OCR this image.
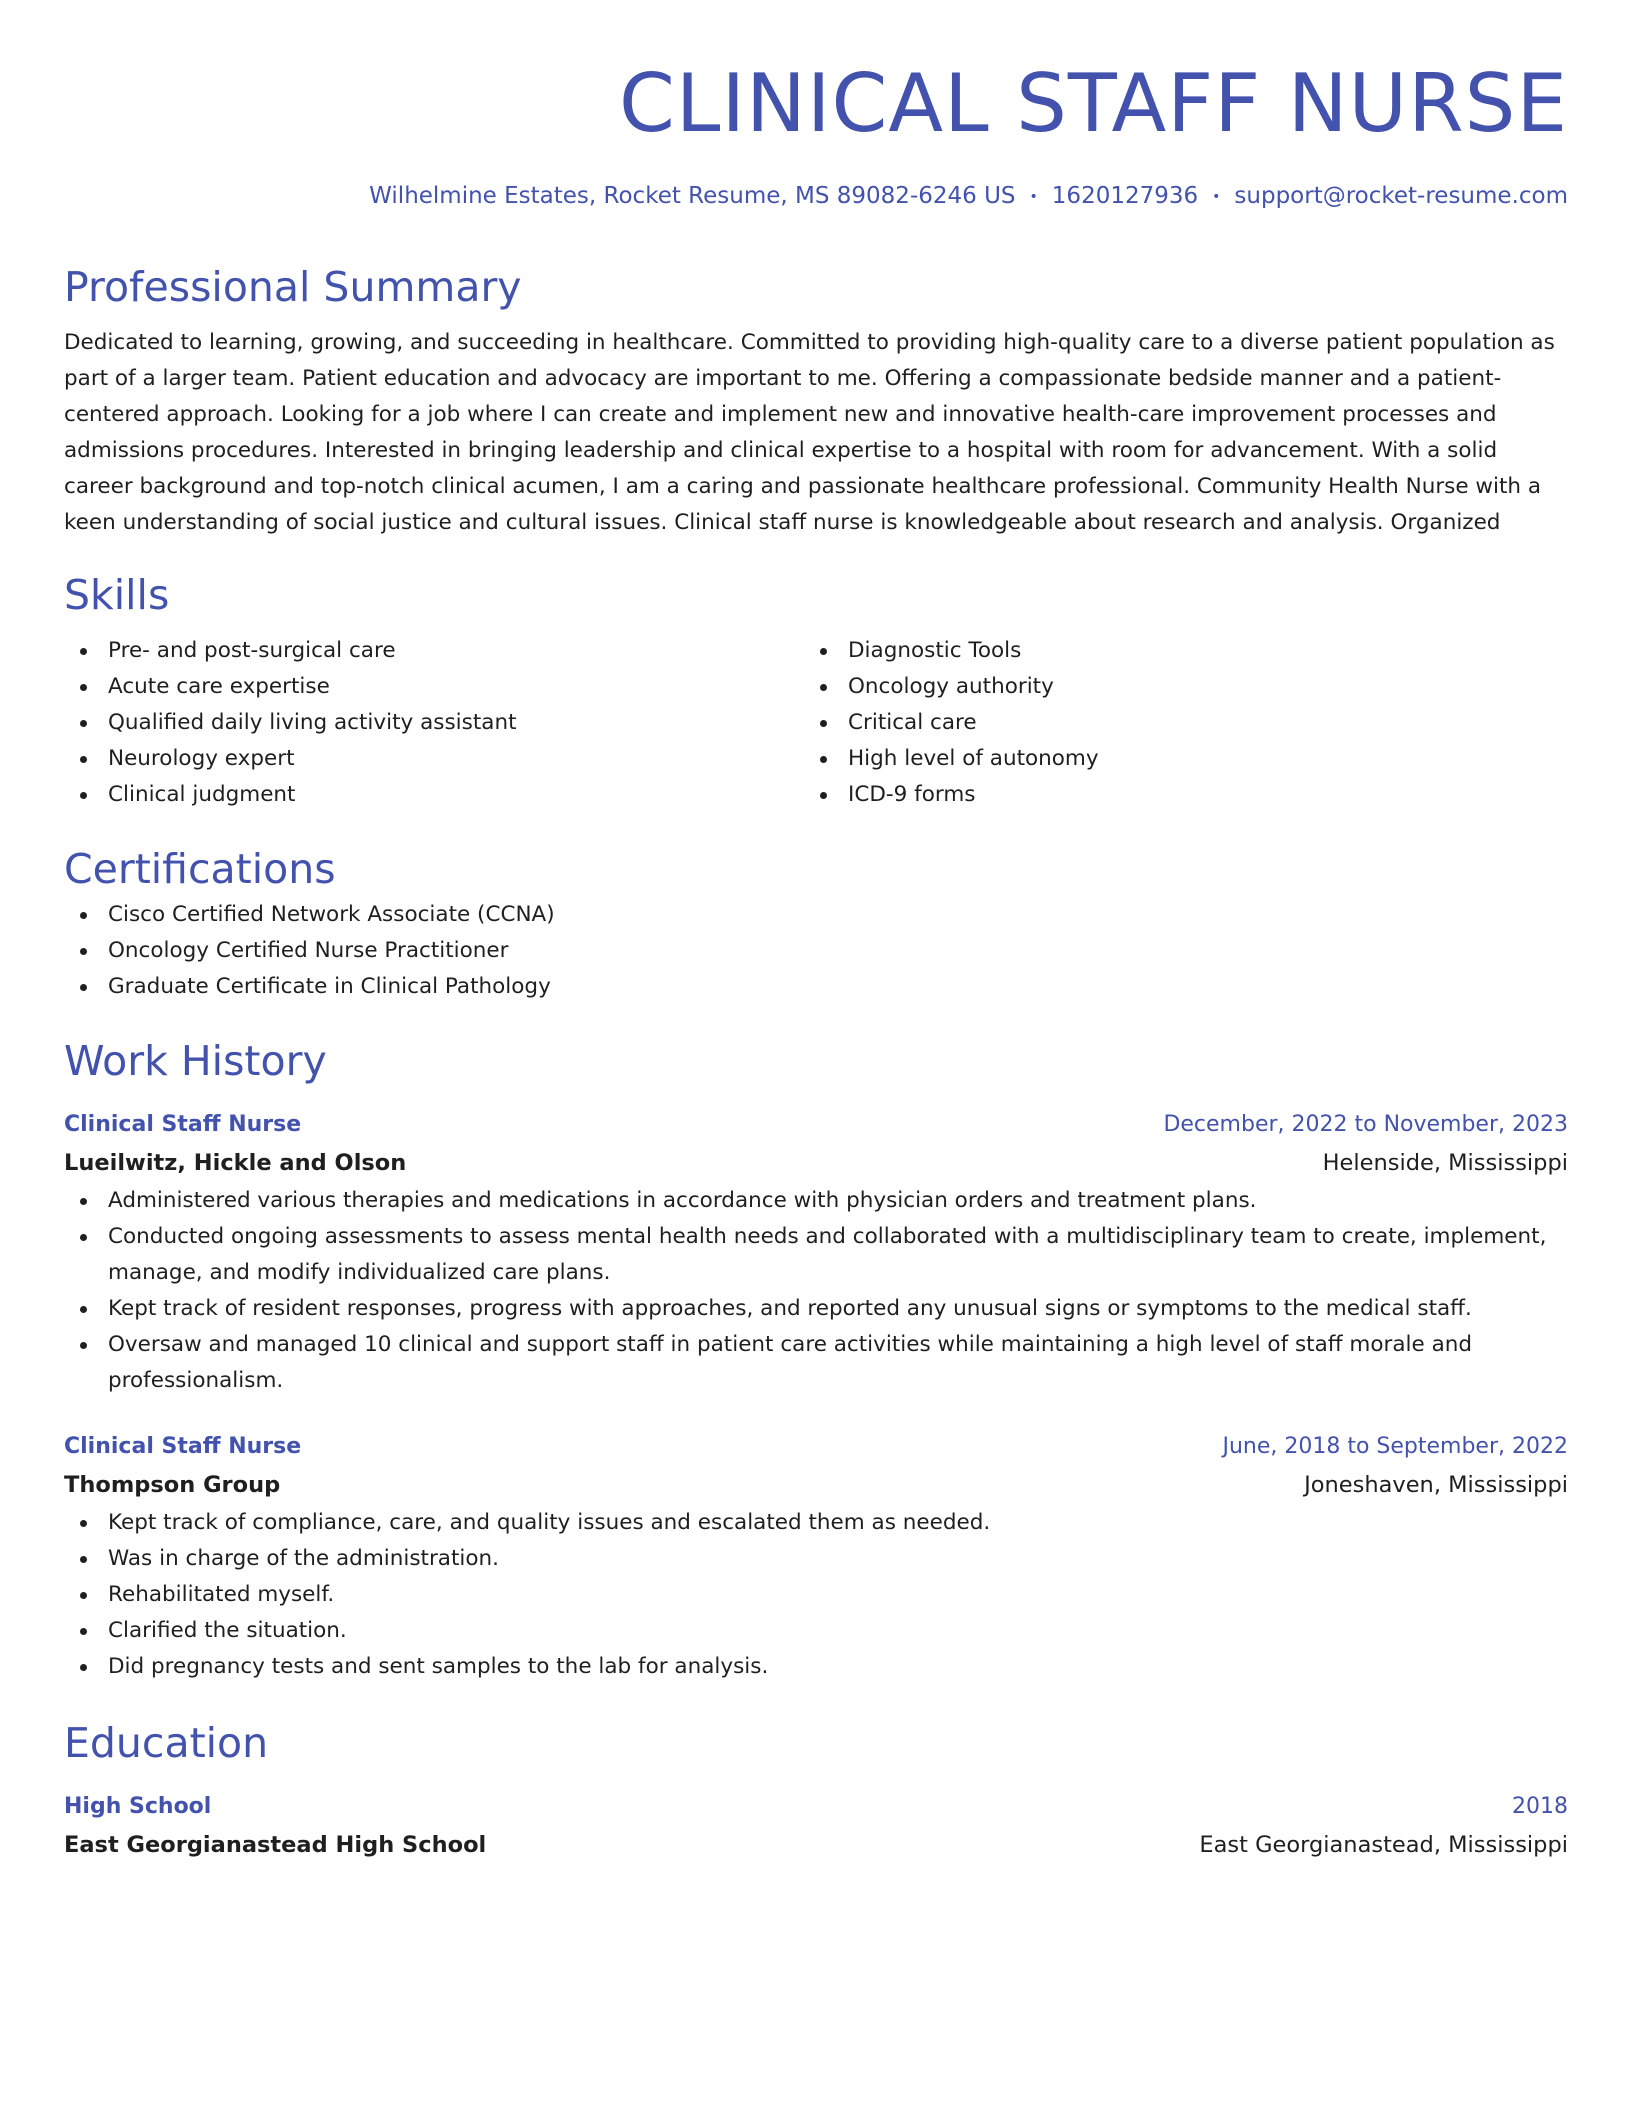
CLINICAL STAFF NURSE
Wilhelmine Estates, Rocket Resume, MS 89082-6246 US • 1620127936 • support@rocket-resume.com
Professional Summary

Dedicated to learning, growing, and succeeding in healthcare. Committed to providing high-quality care to a diverse patient population as part of a larger team. Patient education and advocacy are important to me. Offering a compassionate bedside manner and a patient-centered approach. Looking for a job where I can create and implement new and innovative health-care improvement processes and admissions procedures. Interested in bringing leadership and clinical expertise to a hospital with room for advancement. With a solid career background and top-notch clinical acumen, I am a caring and passionate healthcare professional. Community Health Nurse with a keen understanding of social justice and cultural issues. Clinical staff nurse is knowledgeable about research and analysis. Organized

Skills
Pre- and post-surgical care
Acute care expertise
Qualified daily living activity assistant
Neurology expert
Clinical judgment
Diagnostic Tools
Oncology authority
Critical care
High level of autonomy
ICD-9 forms
Certifications
Cisco Certified Network Associate (CCNA)
Oncology Certified Nurse Practitioner
Graduate Certificate in Clinical Pathology
Work History
Clinical Staff Nurse	December, 2022 to November, 2023
Lueilwitz, Hickle and Olson	Helenside, Mississippi
Administered various therapies and medications in accordance with physician orders and treatment plans.
Conducted ongoing assessments to assess mental health needs and collaborated with a multidisciplinary team to create, implement, manage, and modify individualized care plans.
Kept track of resident responses, progress with approaches, and reported any unusual signs or symptoms to the medical staff.
Oversaw and managed 10 clinical and support staff in patient care activities while maintaining a high level of staff morale and professionalism.
Clinical Staff Nurse	June, 2018 to September, 2022
Thompson Group	Joneshaven, Mississippi
Kept track of compliance, care, and quality issues and escalated them as needed.
Was in charge of the administration.
Rehabilitated myself.
Clarified the situation.
Did pregnancy tests and sent samples to the lab for analysis.
Education
High School	2018
East Georgianastead High School	East Georgianastead, Mississippi
